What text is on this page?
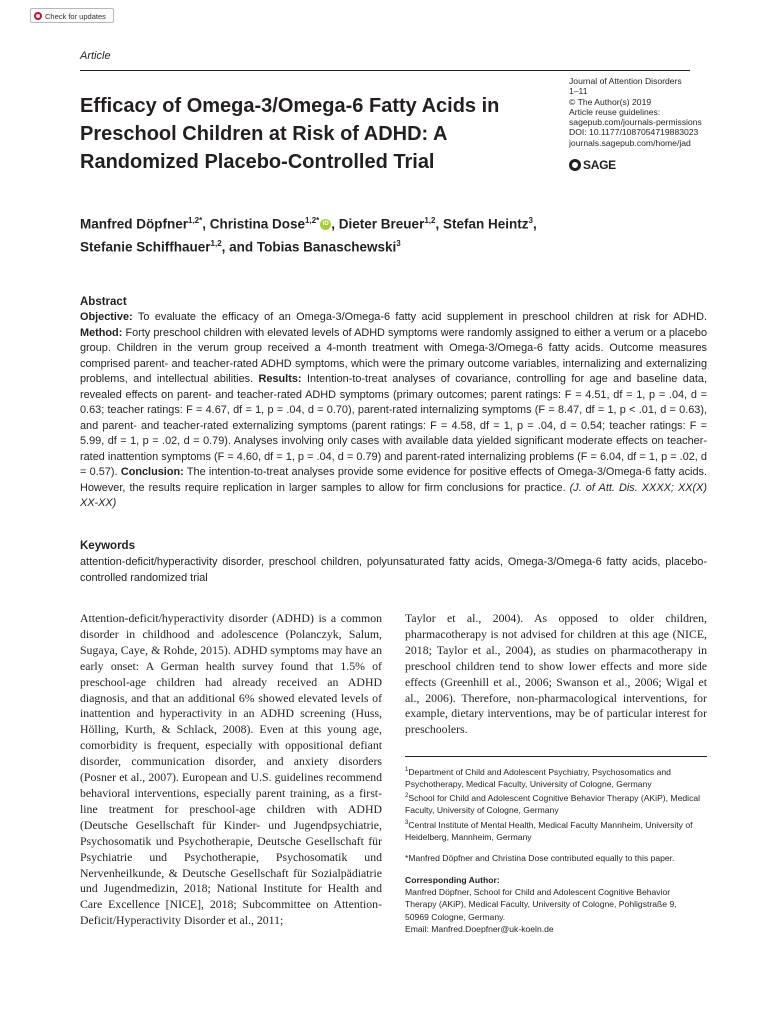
Check for updates
Article
Efficacy of Omega-3/Omega-6 Fatty Acids in Preschool Children at Risk of ADHD: A Randomized Placebo-Controlled Trial
Journal of Attention Disorders
1–11
© The Author(s) 2019
Article reuse guidelines:
sagepub.com/journals-permissions
DOI: 10.1177/1087054719883023
journals.sagepub.com/home/jad
SAGE
Manfred Döpfner$^{1,2*}$, Christina Dose$^{1,2*}$ iD , Dieter Breuer$^{1,2}$, Stefan Heintz$^3$,
Stefanie Schiffhauer$^{1,2}$, and Tobias Banaschewski$^3$
Abstract
Objective: To evaluate the efficacy of an Omega-3/Omega-6 fatty acid supplement in preschool children at risk for ADHD. Method: Forty preschool children with elevated levels of ADHD symptoms were randomly assigned to either a verum or a placebo group. Children in the verum group received a 4-month treatment with Omega-3/Omega-6 fatty acids. Outcome measures comprised parent- and teacher-rated ADHD symptoms, which were the primary outcome variables, internalizing and externalizing problems, and intellectual abilities. Results: Intention-to-treat analyses of covariance, controlling for age and baseline data, revealed effects on parent- and teacher-rated ADHD symptoms (primary outcomes; parent ratings: F = 4.51, df = 1, p = .04, d = 0.63; teacher ratings: F = 4.67, df = 1, p = .04, d = 0.70), parent-rated internalizing symptoms (F = 8.47, df = 1, p < .01, d = 0.63), and parent- and teacher-rated externalizing symptoms (parent ratings: F = 4.58, df = 1, p = .04, d = 0.54; teacher ratings: F = 5.99, df = 1, p = .02, d = 0.79). Analyses involving only cases with available data yielded significant moderate effects on teacher-rated inattention symptoms (F = 4.60, df = 1, p = .04, d = 0.79) and parent-rated internalizing problems (F = 6.04, df = 1, p = .02, d = 0.57). Conclusion: The intention-to-treat analyses provide some evidence for positive effects of Omega-3/Omega-6 fatty acids. However, the results require replication in larger samples to allow for firm conclusions for practice. (J. of Att. Dis. XXXX; XX(X) XX-XX)
Keywords
attention-deficit/hyperactivity disorder, preschool children, polyunsaturated fatty acids, Omega-3/Omega-6 fatty acids, placebo-controlled randomized trial
Attention-deficit/hyperactivity disorder (ADHD) is a common disorder in childhood and adolescence (Polanczyk, Salum, Sugaya, Caye, & Rohde, 2015). ADHD symptoms may have an early onset: A German health survey found that 1.5% of preschool-age children had already received an ADHD diagnosis, and that an additional 6% showed elevated levels of inattention and hyperactivity in an ADHD screening (Huss, Hölling, Kurth, & Schlack, 2008). Even at this young age, comorbidity is frequent, especially with oppositional defiant disorder, communication disorder, and anxiety disorders (Posner et al., 2007). European and U.S. guidelines recommend behavioral interventions, especially parent training, as a first-line treatment for preschool-age children with ADHD (Deutsche Gesellschaft für Kinder- und Jugendpsychiatrie, Psychosomatik und Psychotherapie, Deutsche Gesellschaft für Psychiatrie und Psychotherapie, Psychosomatik und Nervenheilkunde, & Deutsche Gesellschaft für Sozialpädiatrie und Jugendmedizin, 2018; National Institute for Health and Care Excellence [NICE], 2018; Subcommittee on Attention-Deficit/Hyperactivity Disorder et al., 2011;
Taylor et al., 2004). As opposed to older children, pharmacotherapy is not advised for children at this age (NICE, 2018; Taylor et al., 2004), as studies on pharmacotherapy in preschool children tend to show lower effects and more side effects (Greenhill et al., 2006; Swanson et al., 2006; Wigal et al., 2006). Therefore, non-pharmacological interventions, for example, dietary interventions, may be of particular interest for preschoolers.
$^1$Department of Child and Adolescent Psychiatry, Psychosomatics and Psychotherapy, Medical Faculty, University of Cologne, Germany
$^2$School for Child and Adolescent Cognitive Behavior Therapy (AKiP), Medical Faculty, University of Cologne, Germany
$^3$Central Institute of Mental Health, Medical Faculty Mannheim, University of Heidelberg, Mannheim, Germany
*Manfred Döpfner and Christina Dose contributed equally to this paper.
Corresponding Author:
Manfred Döpfner, School for Child and Adolescent Cognitive Behavior
Therapy (AKiP), Medical Faculty, University of Cologne, Pohligstraße 9,
50969 Cologne, Germany.
Email: Manfred.Doepfner@uk-koeln.de
